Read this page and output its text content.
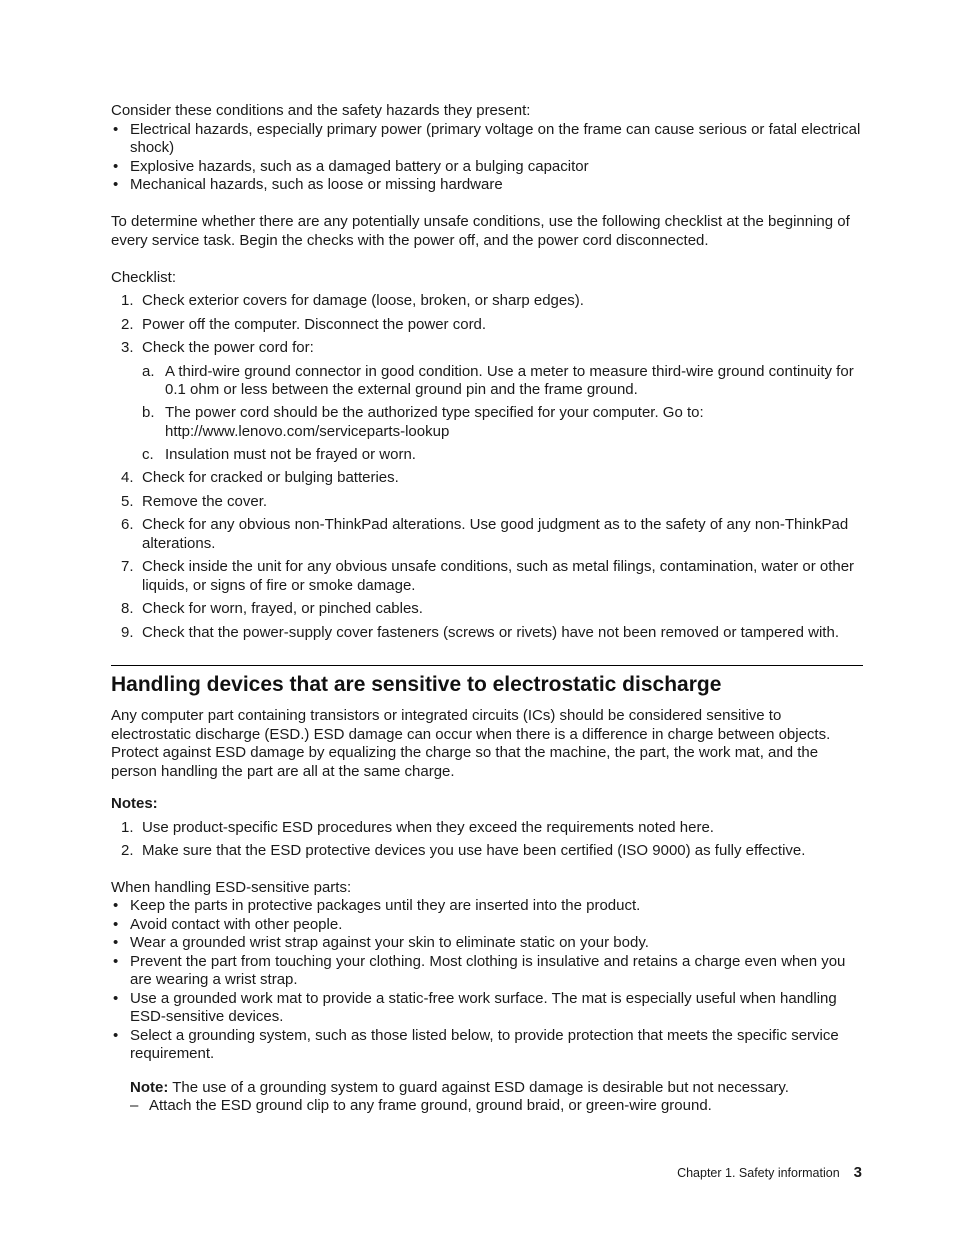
Consider these conditions and the safety hazards they present:

• Electrical hazards, especially primary power (primary voltage on the frame can cause serious or fatal electrical shock)
• Explosive hazards, such as a damaged battery or a bulging capacitor
• Mechanical hazards, such as loose or missing hardware

To determine whether there are any potentially unsafe conditions, use the following checklist at the beginning of every service task. Begin the checks with the power off, and the power cord disconnected.

Checklist:

1. Check exterior covers for damage (loose, broken, or sharp edges).
2. Power off the computer. Disconnect the power cord.
3. Check the power cord for:
a. A third-wire ground connector in good condition. Use a meter to measure third-wire ground continuity for 0.1 ohm or less between the external ground pin and the frame ground.
b. The power cord should be the authorized type specified for your computer. Go to: http://www.lenovo.com/serviceparts-lookup
c. Insulation must not be frayed or worn.
4. Check for cracked or bulging batteries.
5. Remove the cover.
6. Check for any obvious non-ThinkPad alterations. Use good judgment as to the safety of any non-ThinkPad alterations.
7. Check inside the unit for any obvious unsafe conditions, such as metal filings, contamination, water or other liquids, or signs of fire or smoke damage.
8. Check for worn, frayed, or pinched cables.
9. Check that the power-supply cover fasteners (screws or rivets) have not been removed or tampered with.
Handling devices that are sensitive to electrostatic discharge

Any computer part containing transistors or integrated circuits (ICs) should be considered sensitive to electrostatic discharge (ESD.) ESD damage can occur when there is a difference in charge between objects. Protect against ESD damage by equalizing the charge so that the machine, the part, the work mat, and the person handling the part are all at the same charge.

Notes:

1. Use product-specific ESD procedures when they exceed the requirements noted here.
2. Make sure that the ESD protective devices you use have been certified (ISO 9000) as fully effective.

When handling ESD-sensitive parts:

• Keep the parts in protective packages until they are inserted into the product.
• Avoid contact with other people.
• Wear a grounded wrist strap against your skin to eliminate static on your body.
• Prevent the part from touching your clothing. Most clothing is insulative and retains a charge even when you are wearing a wrist strap.
• Use a grounded work mat to provide a static-free work surface. The mat is especially useful when handling ESD-sensitive devices.
• Select a grounding system, such as those listed below, to provide protection that meets the specific service requirement.

Note: The use of a grounding system to guard against ESD damage is desirable but not necessary.

– Attach the ESD ground clip to any frame ground, ground braid, or green-wire ground.

Chapter 1. Safety information 3
